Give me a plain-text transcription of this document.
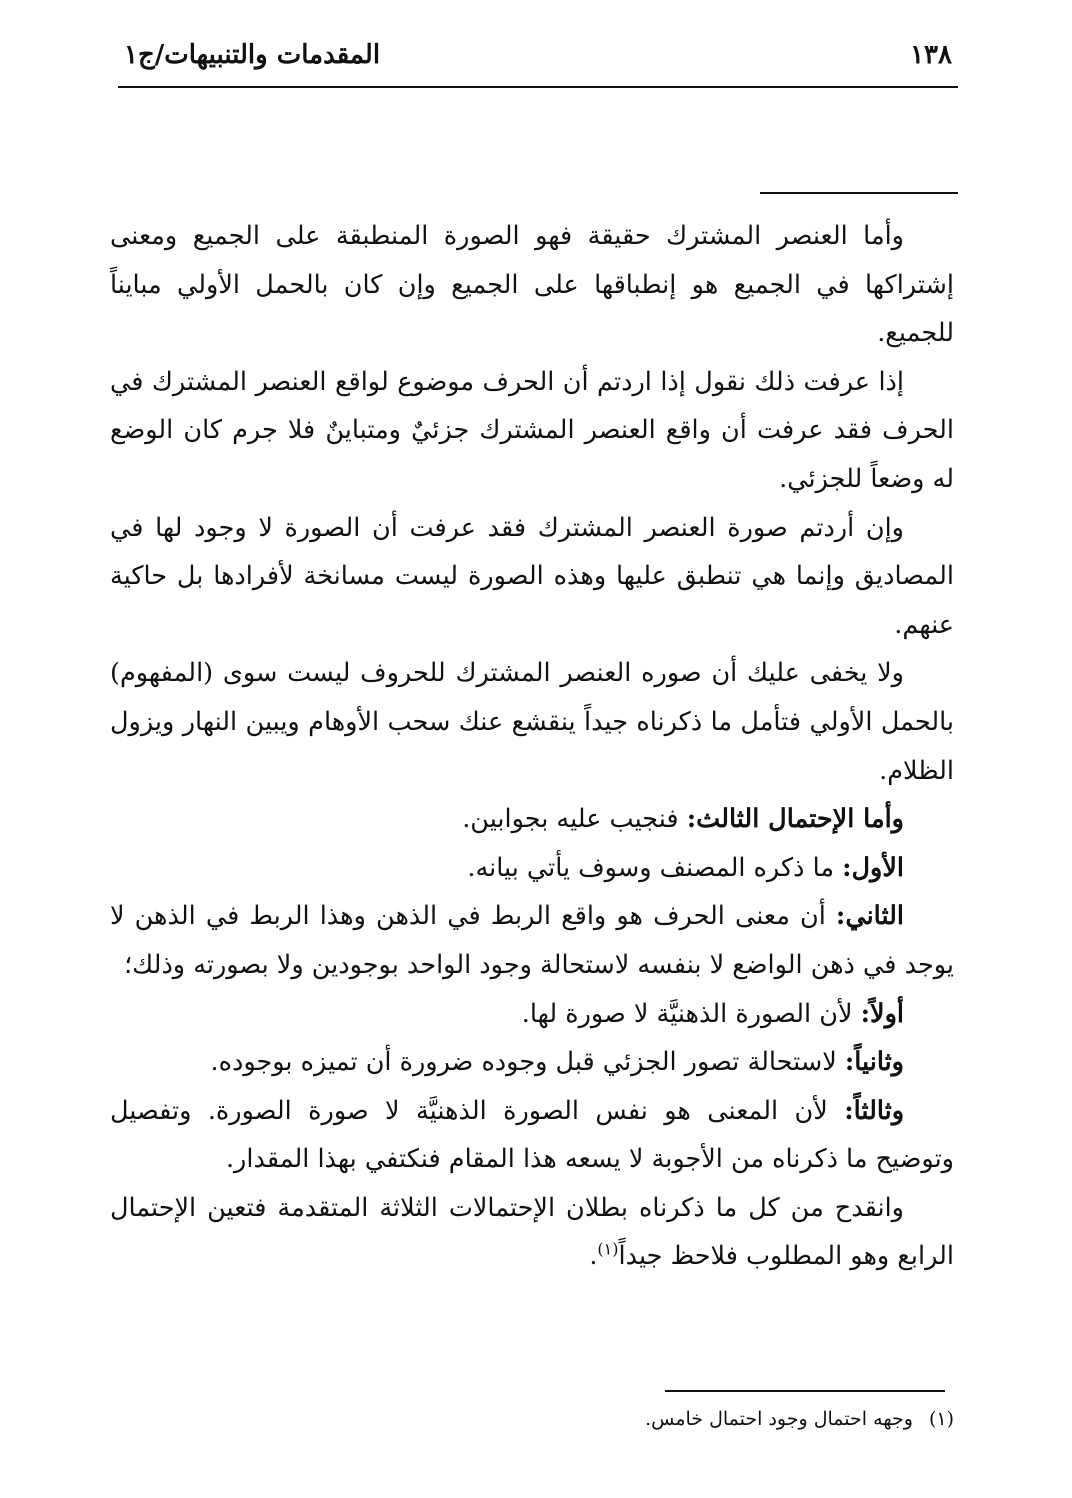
١٣٨
المقدمات والتنبيهات/ج١

وأما العنصر المشترك حقيقة فهو الصورة المنطبقة على الجميع ومعنى إشتراكها في الجميع هو إنطباقها على الجميع وإن كان بالحمل الأولي مبايناً للجميع.

إذا عرفت ذلك نقول إذا اردتم أن الحرف موضوع لواقع العنصر المشترك في الحرف فقد عرفت أن واقع العنصر المشترك جزئيٌ ومتباينٌ فلا جرم كان الوضع له وضعاً للجزئي.

وإن أردتم صورة العنصر المشترك فقد عرفت أن الصورة لا وجود لها في المصاديق وإنما هي تنطبق عليها وهذه الصورة ليست مسانخة لأفرادها بل حاكية عنهم.

ولا يخفى عليك أن صوره العنصر المشترك للحروف ليست سوى (المفهوم) بالحمل الأولي فتأمل ما ذكرناه جيداً ينقشع عنك سحب الأوهام ويبين النهار ويزول الظلام.

وأما الإحتمال الثالث: فنجيب عليه بجوابين.

الأول: ما ذكره المصنف وسوف يأتي بيانه.

الثاني: أن معنى الحرف هو واقع الربط في الذهن وهذا الربط في الذهن لا يوجد في ذهن الواضع لا بنفسه لاستحالة وجود الواحد بوجودين ولا بصورته وذلك؛

أولاً: لأن الصورة الذهنيَّة لا صورة لها.

وثانياً: لاستحالة تصور الجزئي قبل وجوده ضرورة أن تميزه بوجوده.

وثالثاً: لأن المعنى هو نفس الصورة الذهنيَّة لا صورة الصورة. وتفصيل وتوضيح ما ذكرناه من الأجوبة لا يسعه هذا المقام فنكتفي بهذا المقدار.

وانقدح من كل ما ذكرناه بطلان الإحتمالات الثلاثة المتقدمة فتعين الإحتمال الرابع وهو المطلوب فلاحظ جيداً$^{(١)}$.

(١)وجهه احتمال وجود احتمال خامس.
